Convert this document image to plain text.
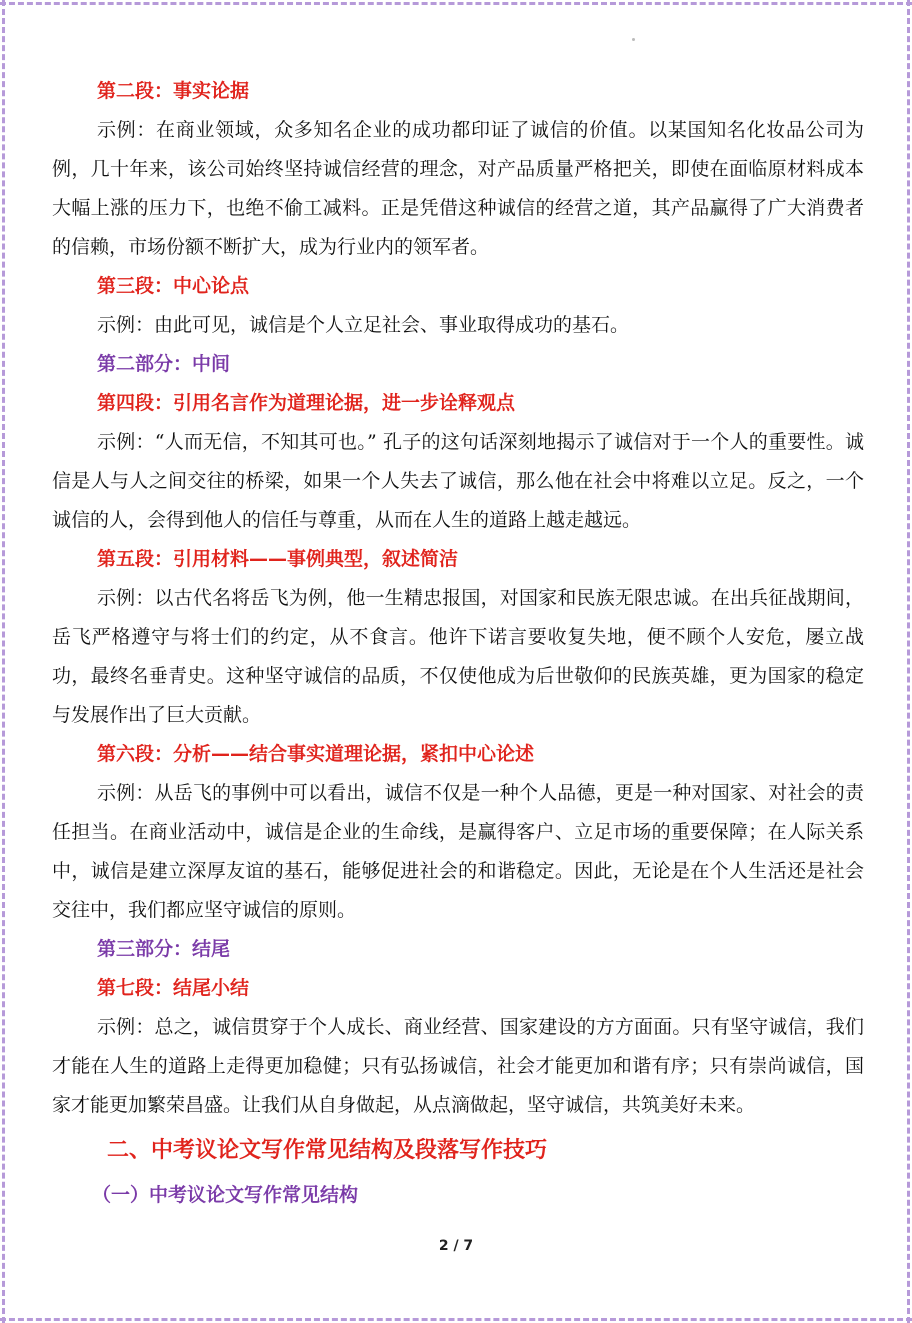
第二段：事实论据

示例：在商业领域，众多知名企业的成功都印证了诚信的价值。以某国知名化妆品公司为例，几十年来，该公司始终坚持诚信经营的理念，对产品质量严格把关，即使在面临原材料成本大幅上涨的压力下，也绝不偷工减料。正是凭借这种诚信的经营之道，其产品赢得了广大消费者的信赖，市场份额不断扩大，成为行业内的领军者。

第三段：中心论点

示例：由此可见，诚信是个人立足社会、事业取得成功的基石。

第二部分：中间
第四段：引用名言作为道理论据，进一步诠释观点

示例：“人而无信，不知其可也。” 孔子的这句话深刻地揭示了诚信对于一个人的重要性。诚信是人与人之间交往的桥梁，如果一个人失去了诚信，那么他在社会中将难以立足。反之，一个诚信的人，会得到他人的信任与尊重，从而在人生的道路上越走越远。

第五段：引用材料——事例典型，叙述简洁

示例：以古代名将岳飞为例，他一生精忠报国，对国家和民族无限忠诚。在出兵征战期间，岳飞严格遵守与将士们的约定，从不食言。他许下诺言要收复失地，便不顾个人安危，屡立战功，最终名垂青史。这种坚守诚信的品质，不仅使他成为后世敬仰的民族英雄，更为国家的稳定与发展作出了巨大贡献。

第六段：分析——结合事实道理论据，紧扣中心论述

示例：从岳飞的事例中可以看出，诚信不仅是一种个人品德，更是一种对国家、对社会的责任担当。在商业活动中，诚信是企业的生命线，是赢得客户、立足市场的重要保障；在人际关系中，诚信是建立深厚友谊的基石，能够促进社会的和谐稳定。因此，无论是在个人生活还是社会交往中，我们都应坚守诚信的原则。

第三部分：结尾
第七段：结尾小结

示例：总之，诚信贯穿于个人成长、商业经营、国家建设的方方面面。只有坚守诚信，我们才能在人生的道路上走得更加稳健；只有弘扬诚信，社会才能更加和谐有序；只有崇尚诚信，国家才能更加繁荣昌盛。让我们从自身做起，从点滴做起，坚守诚信，共筑美好未来。

二、中考议论文写作常见结构及段落写作技巧
（一）中考议论文写作常见结构
2 / 7
